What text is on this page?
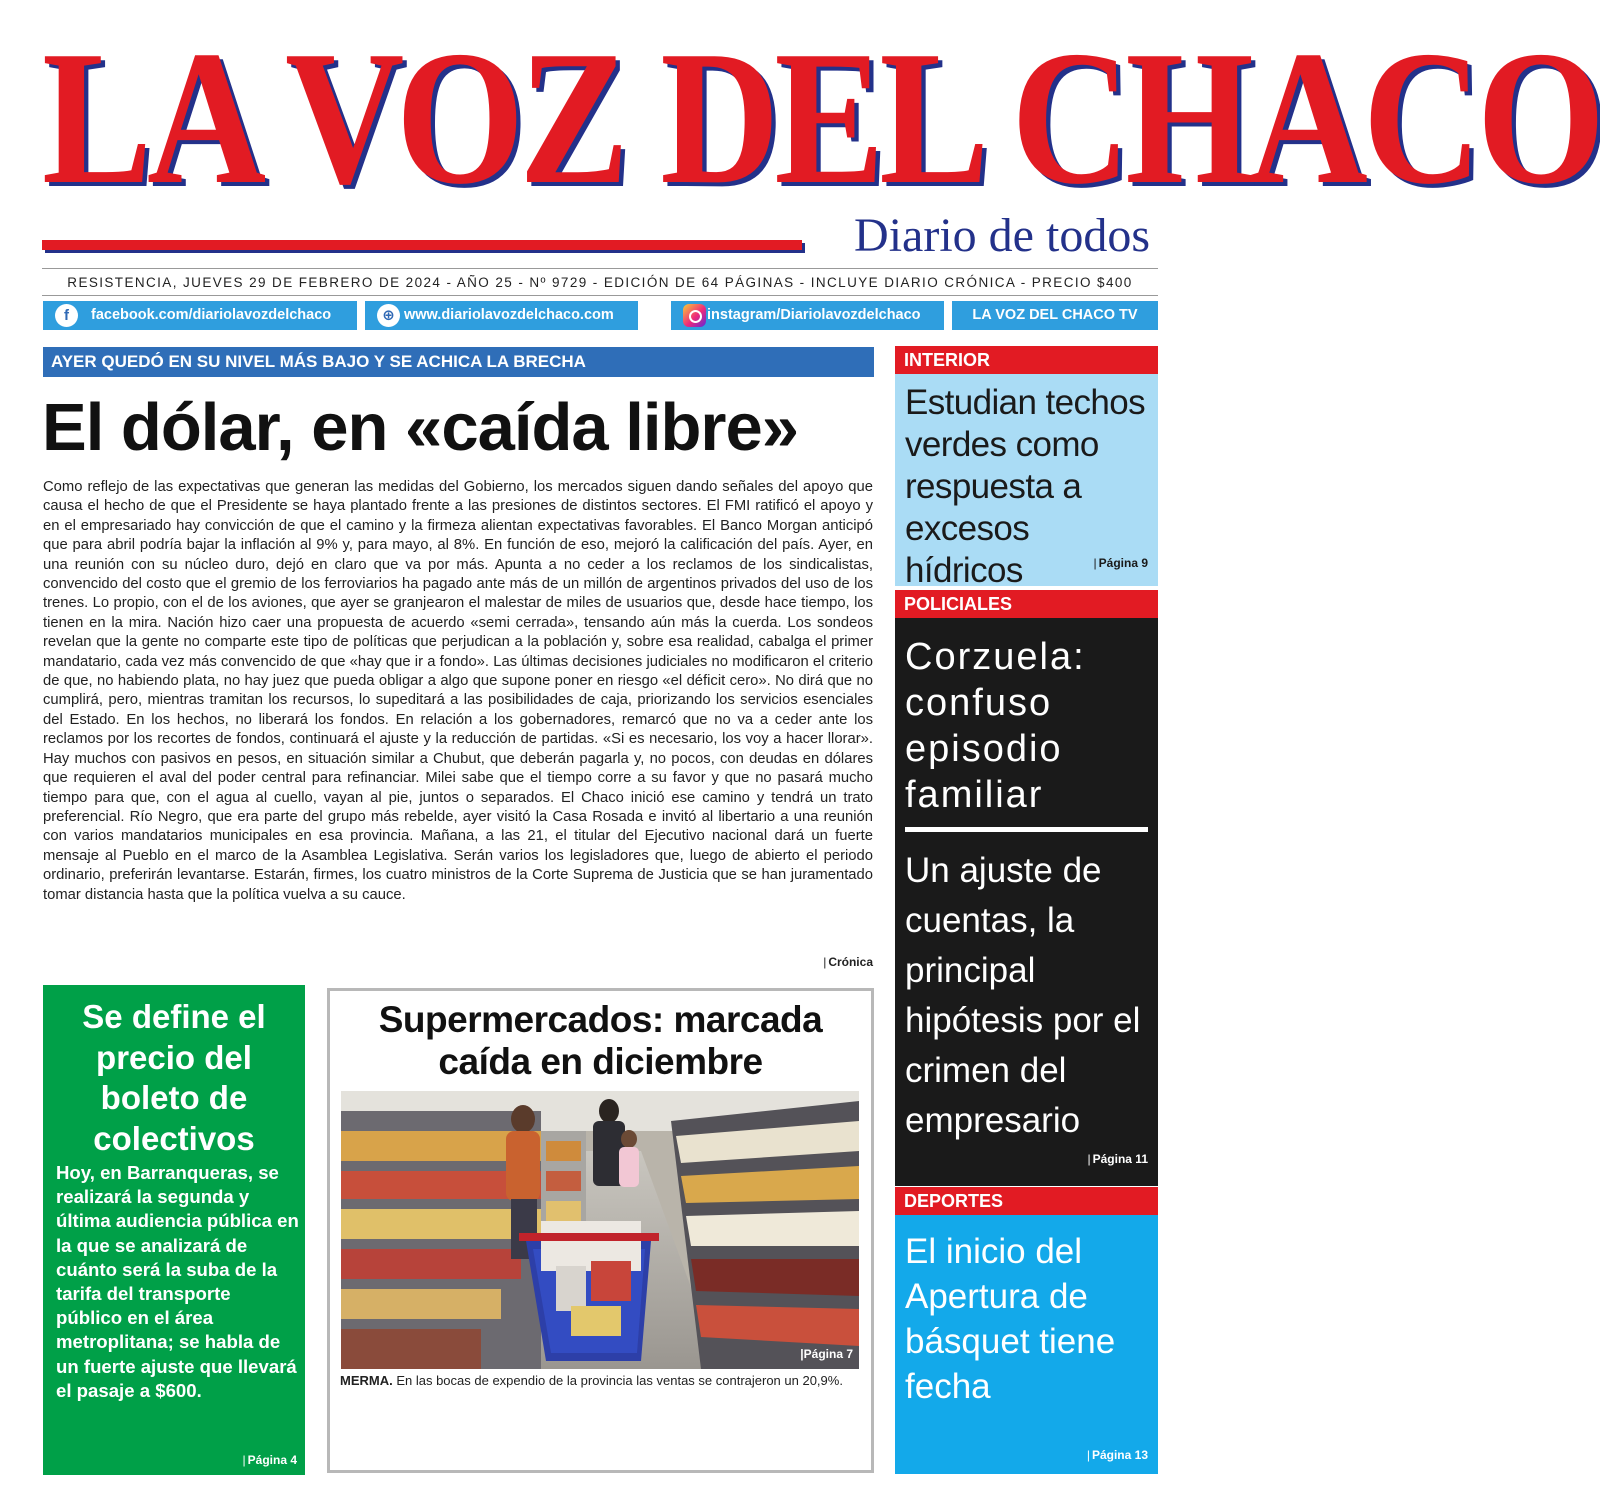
LA VOZ DEL CHACO
Diario de todos
RESISTENCIA, JUEVES 29 DE FEBRERO DE 2024 - AÑO 25 - Nº 9729 - EDICIÓN DE 64 PÁGINAS - INCLUYE DIARIO CRÓNICA - PRECIO $400
f	facebook.com/diariolavozdelchaco	⊕ www.diariolavozdelchaco.com	instagram/Diariolavozdelchaco	LA VOZ DEL CHACO TV
AYER QUEDÓ EN SU NIVEL MÁS BAJO Y SE ACHICA LA BRECHA
El dólar, en «caída libre»

Como reflejo de las expectativas que generan las medidas del Gobierno, los mercados siguen dando señales del apoyo que causa el hecho de que el Presidente se haya plantado frente a las presiones de distintos sectores. El FMI ratificó el apoyo y en el empresariado hay convicción de que el camino y la firmeza alientan expectativas favorables. El Banco Morgan anticipó que para abril podría bajar la inflación al 9% y, para mayo, al 8%. En función de eso, mejoró la calificación del país. Ayer, en una reunión con su núcleo duro, dejó en claro que va por más. Apunta a no ceder a los reclamos de los sindicalistas, convencido del costo que el gremio de los ferroviarios ha pagado ante más de un millón de argentinos privados del uso de los trenes. Lo propio, con el de los aviones, que ayer se granjearon el malestar de miles de usuarios que, desde hace tiempo, los tienen en la mira. Nación hizo caer una propuesta de acuerdo «semi cerrada», tensando aún más la cuerda. Los sondeos revelan que la gente no comparte este tipo de políticas que perjudican a la población y, sobre esa realidad, cabalga el primer mandatario, cada vez más convencido de que «hay que ir a fondo». Las últimas decisiones judiciales no modificaron el criterio de que, no habiendo plata, no hay juez que pueda obligar a algo que supone poner en riesgo «el déficit cero». No dirá que no cumplirá, pero, mientras tramitan los recursos, lo supeditará a las posibilidades de caja, priorizando los servicios esenciales del Estado. En los hechos, no liberará los fondos. En relación a los gobernadores, remarcó que no va a ceder ante los reclamos por los recortes de fondos, continuará el ajuste y la reducción de partidas. «Si es necesario, los voy a hacer llorar». Hay muchos con pasivos en pesos, en situación similar a Chubut, que deberán pagarla y, no pocos, con deudas en dólares que requieren el aval del poder central para refinanciar. Milei sabe que el tiempo corre a su favor y que no pasará mucho tiempo para que, con el agua al cuello, vayan al pie, juntos o separados. El Chaco inició ese camino y tendrá un trato preferencial. Río Negro, que era parte del grupo más rebelde, ayer visitó la Casa Rosada e invitó al libertario a una reunión con varios mandatarios municipales en esa provincia. Mañana, a las 21, el titular del Ejecutivo nacional dará un fuerte mensaje al Pueblo en el marco de la Asamblea Legislativa. Serán varios los legisladores que, luego de abierto el periodo ordinario, preferirán levantarse. Estarán, firmes, los cuatro ministros de la Corte Suprema de Justicia que se han juramentado tomar distancia hasta que la política vuelva a su cauce.

| Crónica
Se define el precio del boleto de colectivos
Hoy, en Barranqueras, se realizará la segunda y última audiencia pública en la que se analizará de cuánto será la suba de la tarifa del transporte público en el área metroplitana; se habla de un fuerte ajuste que llevará el pasaje a $600.
| Página 4
Supermercados: marcada caída en diciembre
|Página 7
MERMA. En las bocas de expendio de la provincia las ventas se contrajeron un 20,9%.
INTERIOR
Estudian techos verdes como respuesta a excesos hídricos
|	Página 9
POLICIALES
Corzuela: confuso episodio familiar
Un ajuste de cuentas, la principal hipótesis por el crimen del empresario
| Página 11
DEPORTES
El inicio del Apertura de básquet tiene fecha
| Página 13
